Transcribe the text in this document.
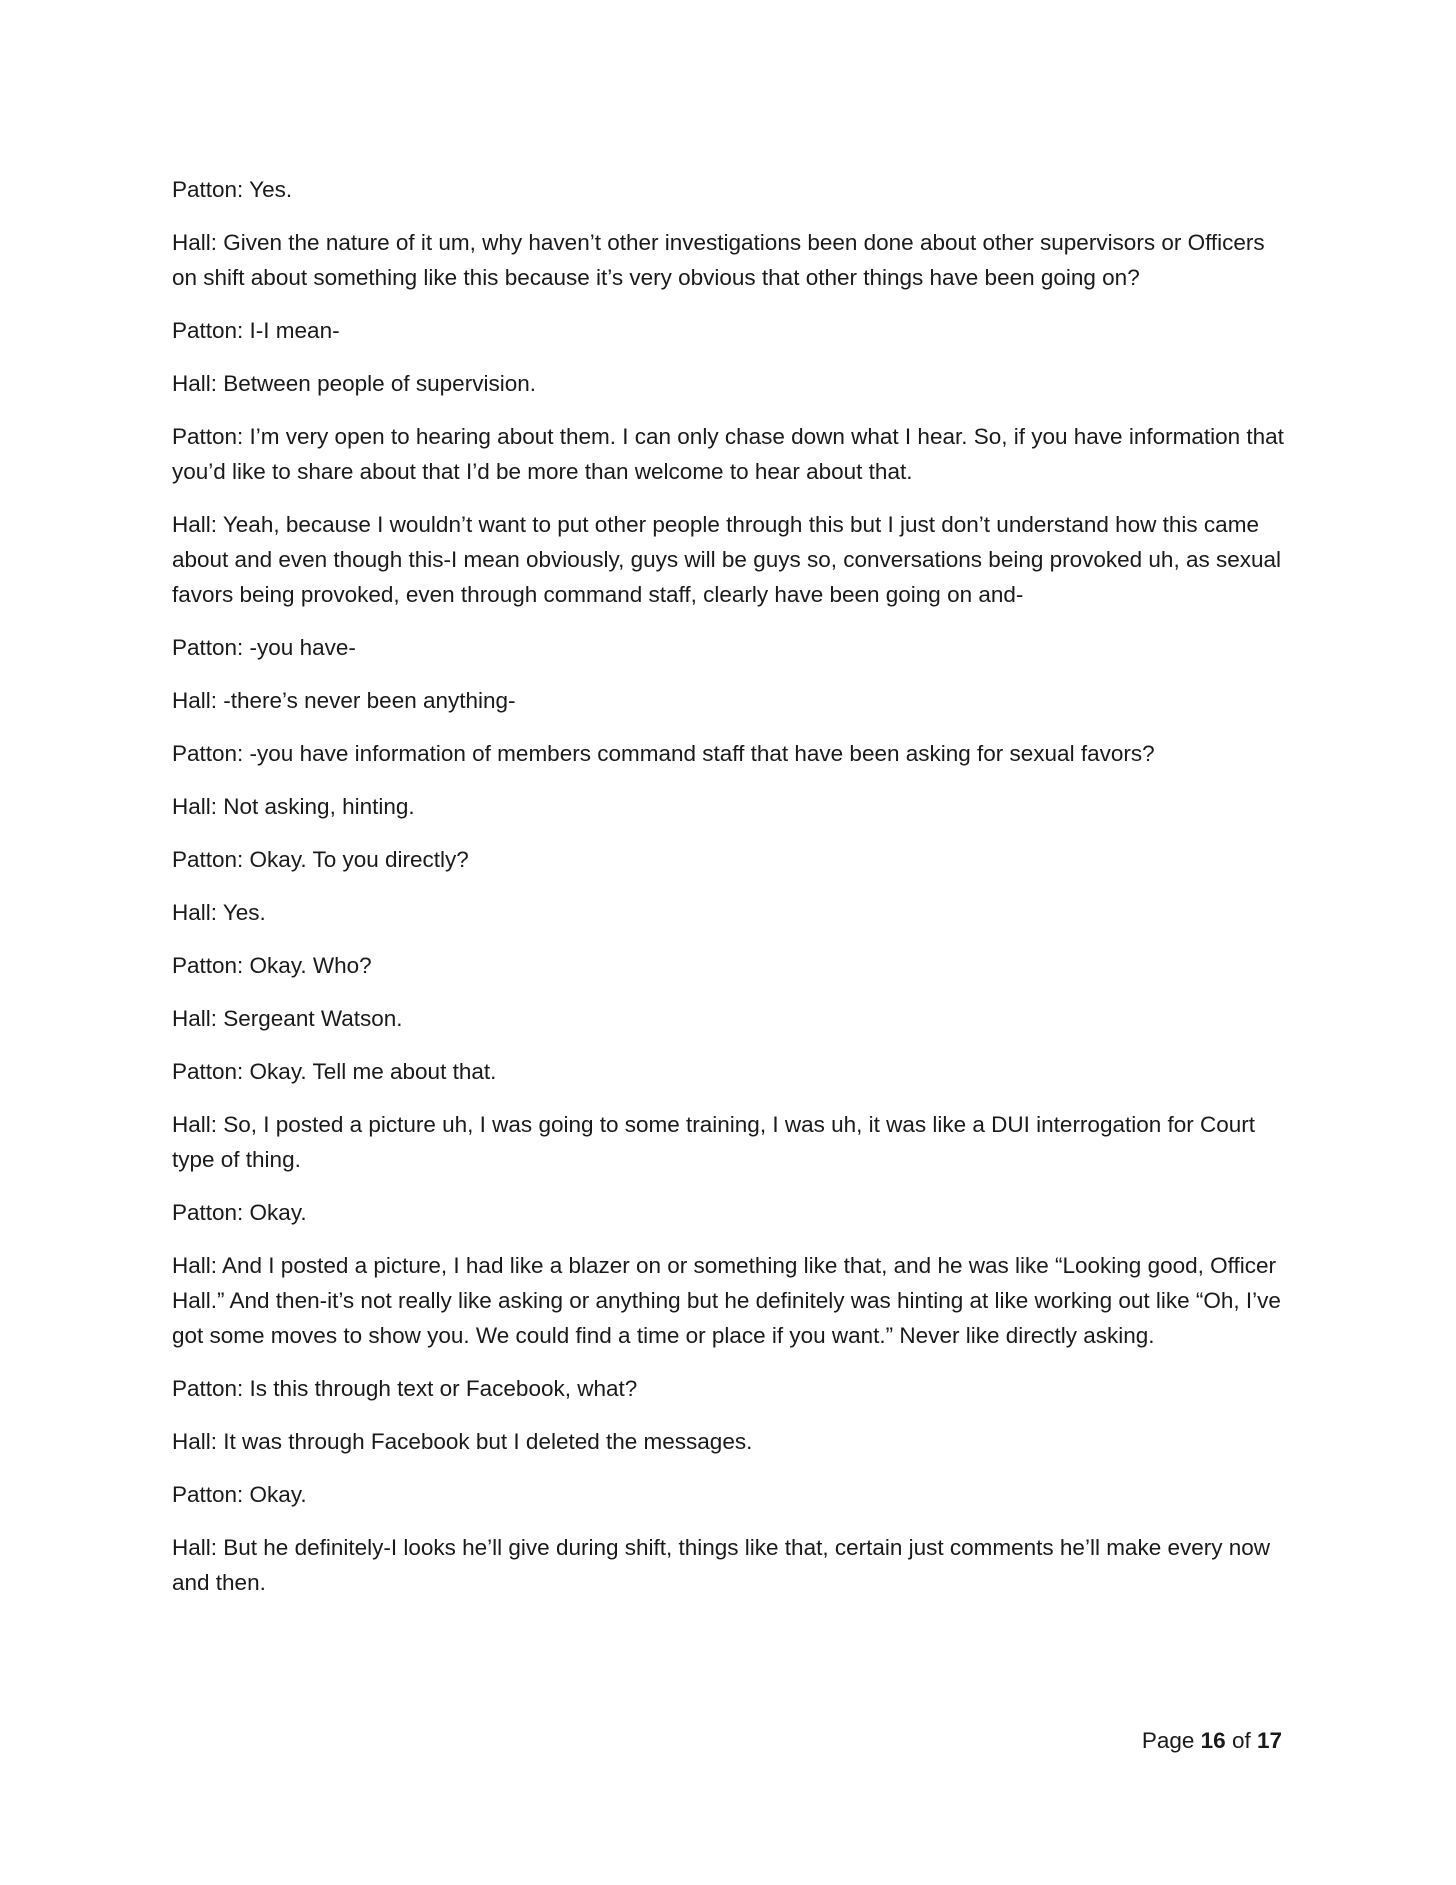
Patton: Yes.

Hall: Given the nature of it um, why haven’t other investigations been done about other supervisors or Officers on shift about something like this because it’s very obvious that other things have been going on?

Patton: I-I mean-

Hall: Between people of supervision.

Patton: I’m very open to hearing about them. I can only chase down what I hear. So, if you have information that you’d like to share about that I’d be more than welcome to hear about that.

Hall: Yeah, because I wouldn’t want to put other people through this but I just don’t understand how this came about and even though this-I mean obviously, guys will be guys so, conversations being provoked uh, as sexual favors being provoked, even through command staff, clearly have been going on and-

Patton: -you have-

Hall: -there’s never been anything-

Patton: -you have information of members command staff that have been asking for sexual favors?

Hall: Not asking, hinting.

Patton: Okay. To you directly?

Hall: Yes.

Patton: Okay. Who?

Hall: Sergeant Watson.

Patton: Okay. Tell me about that.

Hall: So, I posted a picture uh, I was going to some training, I was uh, it was like a DUI interrogation for Court type of thing.

Patton: Okay.

Hall: And I posted a picture, I had like a blazer on or something like that, and he was like “Looking good, Officer Hall.” And then-it’s not really like asking or anything but he definitely was hinting at like working out like “Oh, I’ve got some moves to show you. We could find a time or place if you want.” Never like directly asking.

Patton: Is this through text or Facebook, what?

Hall: It was through Facebook but I deleted the messages.

Patton: Okay.

Hall: But he definitely-I looks he’ll give during shift, things like that, certain just comments he’ll make every now and then.

Page 16 of 17
